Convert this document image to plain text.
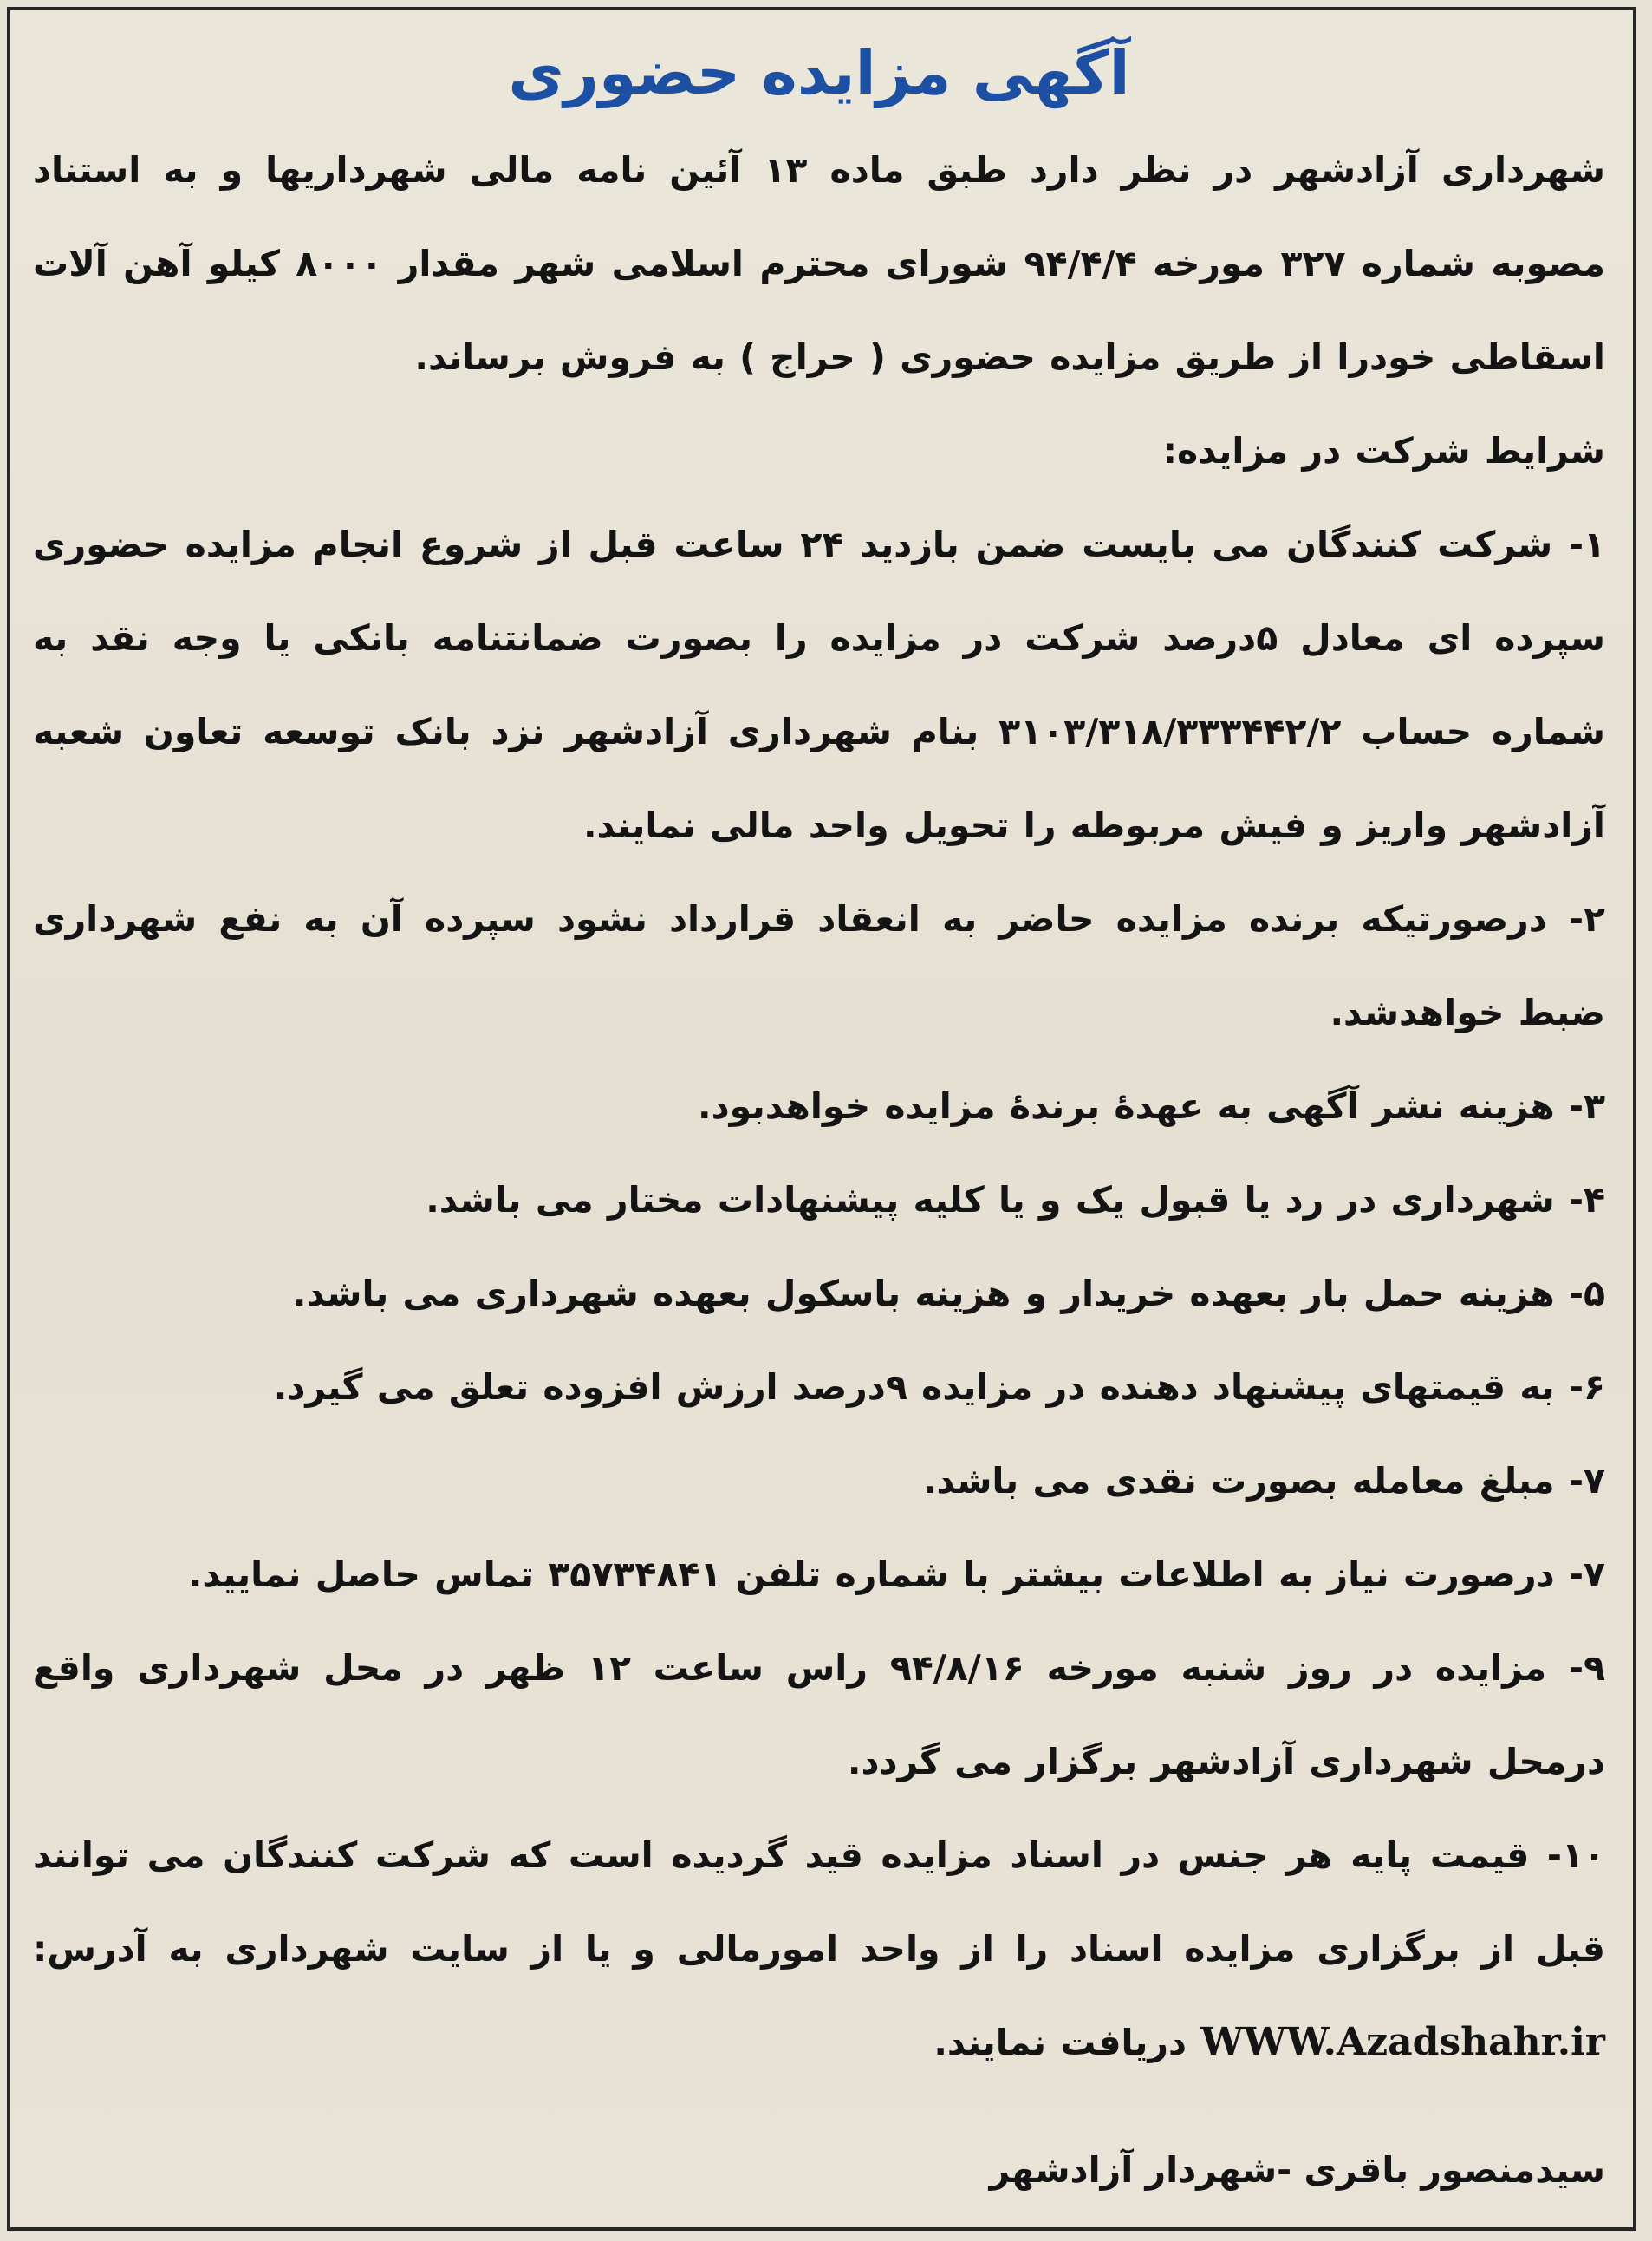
آگهی مزایده حضوری

شهرداری آزادشهر در نظر دارد طبق ماده ۱۳ آئین نامه مالی شهرداریها و به استناد مصوبه شماره ۳۲۷ مورخه ۹۴/۴/۴ شورای محترم اسلامی شهر مقدار ۸۰۰۰ کیلو آهن آلات اسقاطی خودرا از طریق مزایده حضوری ( حراج ) به فروش برساند.

شرایط شرکت در مزایده:

۱- شرکت کنندگان می بایست ضمن بازدید ۲۴ ساعت قبل از شروع انجام مزایده حضوری سپرده ای معادل ۵درصد شرکت در مزایده را بصورت ضمانتنامه بانکی یا وجه نقد به شماره حساب ۳۱۰۳/۳۱۸/۳۳۳۴۴۲/۲ بنام شهرداری آزادشهر نزد بانک توسعه تعاون شعبه آزادشهر واریز و فیش مربوطه را تحویل واحد مالی نمایند.

۲- درصورتیکه برنده مزایده حاضر به انعقاد قرارداد نشود سپرده آن به نفع شهرداری ضبط خواهدشد.

۳- هزینه نشر آگهی به عهدۀ برندۀ مزایده خواهدبود.

۴- شهرداری در رد یا قبول یک و یا کلیه پیشنهادات مختار می باشد.

۵- هزینه حمل بار بعهده خریدار و هزینه باسکول بعهده شهرداری می باشد.

۶- به قیمتهای پیشنهاد دهنده در مزایده ۹درصد ارزش افزوده تعلق می گیرد.

۷- مبلغ معامله بصورت نقدی می باشد.

۷- درصورت نیاز به اطلاعات بیشتر با شماره تلفن ۳۵۷۳۴۸۴۱ تماس حاصل نمایید.

۹- مزایده در روز شنبه مورخه ۹۴/۸/۱۶ راس ساعت ۱۲ ظهر در محل شهرداری واقع درمحل شهرداری آزادشهر برگزار می گردد.

۱۰- قیمت پایه هر جنس در اسناد مزایده قید گردیده است که شرکت کنندگان می توانند قبل از برگزاری مزایده اسناد را از واحد امورمالی و یا از سایت شهرداری به آدرس: WWW.Azadshahr.ir دریافت نمایند.

سیدمنصور باقری -شهردار آزادشهر
